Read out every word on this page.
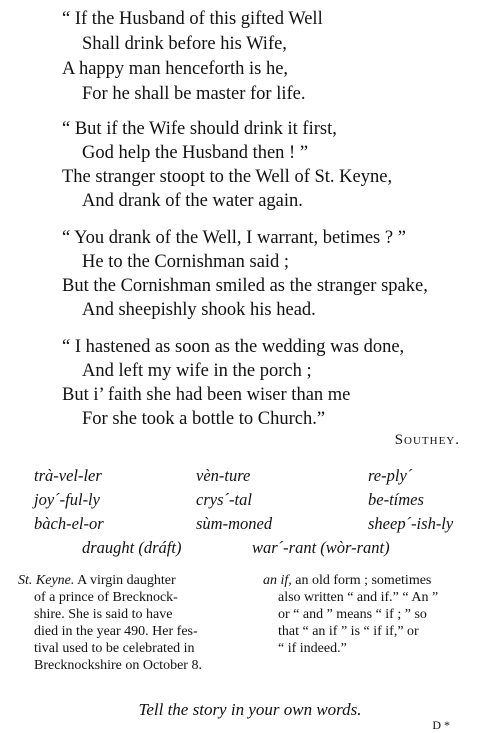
“ If the Husband of this gifted Well
Shall drink before his Wife,
A happy man henceforth is he,
For he shall be master for life.
“ But if the Wife should drink it first,
God help the Husband then ! ”
The stranger stoopt to the Well of St. Keyne,
And drank of the water again.
“ You drank of the Well, I warrant, betimes ? ”
He to the Cornishman said ;
But the Cornishman smiled as the stranger spake,
And sheepishly shook his head.
“ I hastened as soon as the wedding was done,
And left my wife in the porch ;
But i’ faith she had been wiser than me
For she took a bottle to Church.”
Southey.
trà-vel-ler	vèn-ture	re-ply´
joy´-ful-ly	crys´-tal	be-tímes
bàch-el-or	sùm-moned	sheep´-ish-ly
draught (dráft)	war´-rant (wòr-rant)
St. Keyne. A virgin daughter
of a prince of Brecknock-
shire. She is said to have
died in the year 490. Her fes-
tival used to be celebrated in
Brecknockshire on October 8.
an if, an old form ; sometimes
also written “ and if.” “ An ”
or “ and ” means “ if ; ” so
that “ an if ” is “ if if,” or
“ if indeed.”
Tell the story in your own words.
D *
